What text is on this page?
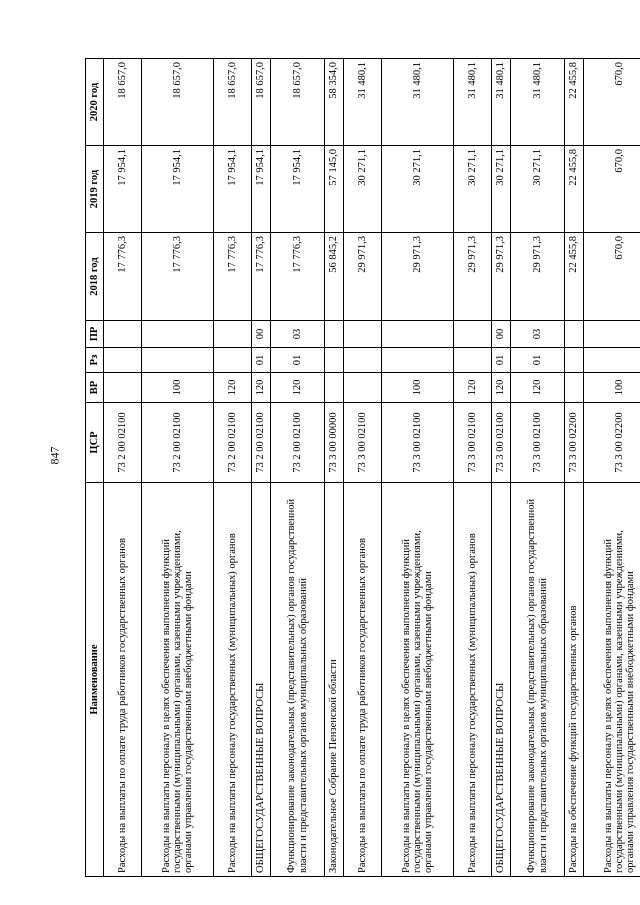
847
Наименование	ЦСР	ВР	Рз	ПР	2018 год	2019 год	2020 год
Расходы на выплаты по оплате труда работников государственных органов	73 2 00 02100				17 776,3	17 954,1	18 657,0
Расходы на выплаты персоналу в целях обеспечения выполнения функций государственными (муниципальными) органами, казенными учреждениями, органами управления государственными внебюджетными фондами	73 2 00 02100	100			17 776,3	17 954,1	18 657,0
Расходы на выплаты персоналу государственных (муниципальных) органов	73 2 00 02100	120			17 776,3	17 954,1	18 657,0
ОБЩЕГОСУДАРСТВЕННЫЕ ВОПРОСЫ	73 2 00 02100	120	01	00	17 776,3	17 954,1	18 657,0
Функционирование законодательных (представительных) органов государственной власти и представительных органов муниципальных образований	73 2 00 02100	120	01	03	17 776,3	17 954,1	18 657,0
Законодательное Собрание Пензенской области	73 3 00 00000				56 845,2	57 145,0	58 354,0
Расходы на выплаты по оплате труда работников государственных органов	73 3 00 02100				29 971,3	30 271,1	31 480,1
Расходы на выплаты персоналу в целях обеспечения выполнения функций государственными (муниципальными) органами, казенными учреждениями, органами управления государственными внебюджетными фондами	73 3 00 02100	100			29 971,3	30 271,1	31 480,1
Расходы на выплаты персоналу государственных (муниципальных) органов	73 3 00 02100	120			29 971,3	30 271,1	31 480,1
ОБЩЕГОСУДАРСТВЕННЫЕ ВОПРОСЫ	73 3 00 02100	120	01	00	29 971,3	30 271,1	31 480,1
Функционирование законодательных (представительных) органов государственной власти и представительных органов муниципальных образований	73 3 00 02100	120	01	03	29 971,3	30 271,1	31 480,1
Расходы на обеспечение функций государственных органов	73 3 00 02200				22 455,8	22 455,8	22 455,8
Расходы на выплаты персоналу в целях обеспечения выполнения функций государственными (муниципальными) органами, казенными учреждениями, органами управления государственными внебюджетными фондами	73 3 00 02200	100			670,0	670,0	670,0
